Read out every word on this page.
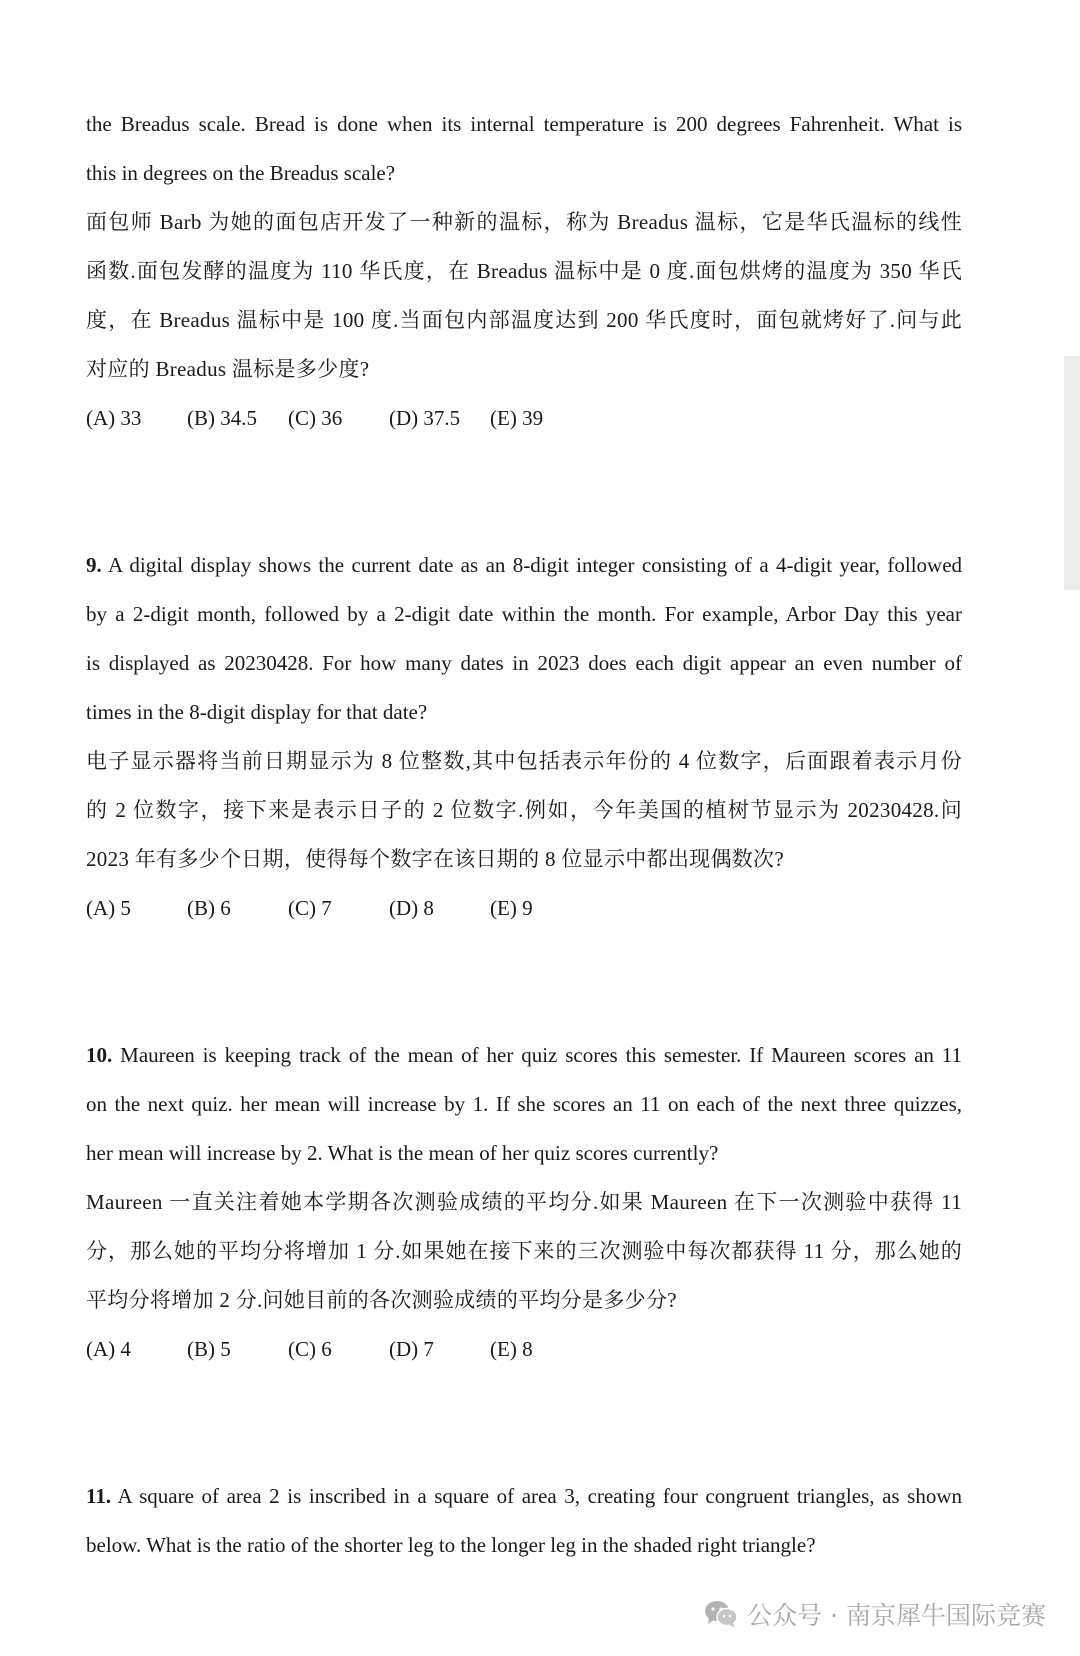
the Breadus scale. Bread is done when its internal temperature is 200 degrees Fahrenheit. What is
this in degrees on the Breadus scale?
面包师 Barb 为她的面包店开发了一种新的温标，称为 Breadus 温标，它是华氏温标的线性
函数.面包发酵的温度为 110 华氏度，在 Breadus 温标中是 0 度.面包烘烤的温度为 350 华氏
度，在 Breadus 温标中是 100 度.当面包内部温度达到 200 华氏度时，面包就烤好了.问与此
对应的 Breadus 温标是多少度?
(A) 33 (B) 34.5 (C) 36 (D) 37.5 (E) 39
9. A digital display shows the current date as an 8-digit integer consisting of a 4-digit year, followed
by a 2-digit month, followed by a 2-digit date within the month. For example, Arbor Day this year
is displayed as 20230428. For how many dates in 2023 does each digit appear an even number of
times in the 8-digit display for that date?
电子显示器将当前日期显示为 8 位整数,其中包括表示年份的 4 位数字，后面跟着表示月份
的 2 位数字，接下来是表示日子的 2 位数字.例如，今年美国的植树节显示为 20230428.问
2023 年有多少个日期，使得每个数字在该日期的 8 位显示中都出现偶数次?
(A) 5	(B) 6	(C) 7	(D) 8	(E) 9
10. Maureen is keeping track of the mean of her quiz scores this semester. If Maureen scores an 11
on the next quiz. her mean will increase by 1. If she scores an 11 on each of the next three quizzes,
her mean will increase by 2. What is the mean of her quiz scores currently?
Maureen 一直关注着她本学期各次测验成绩的平均分.如果 Maureen 在下一次测验中获得 11
分，那么她的平均分将增加 1 分.如果她在接下来的三次测验中每次都获得 11 分，那么她的
平均分将增加 2 分.问她目前的各次测验成绩的平均分是多少分?
(A) 4	(B) 5	(C) 6	(D) 7	(E) 8
11. A square of area 2 is inscribed in a square of area 3, creating four congruent triangles, as shown
below. What is the ratio of the shorter leg to the longer leg in the shaded right triangle?
公众号 · 南京犀牛国际竞赛
